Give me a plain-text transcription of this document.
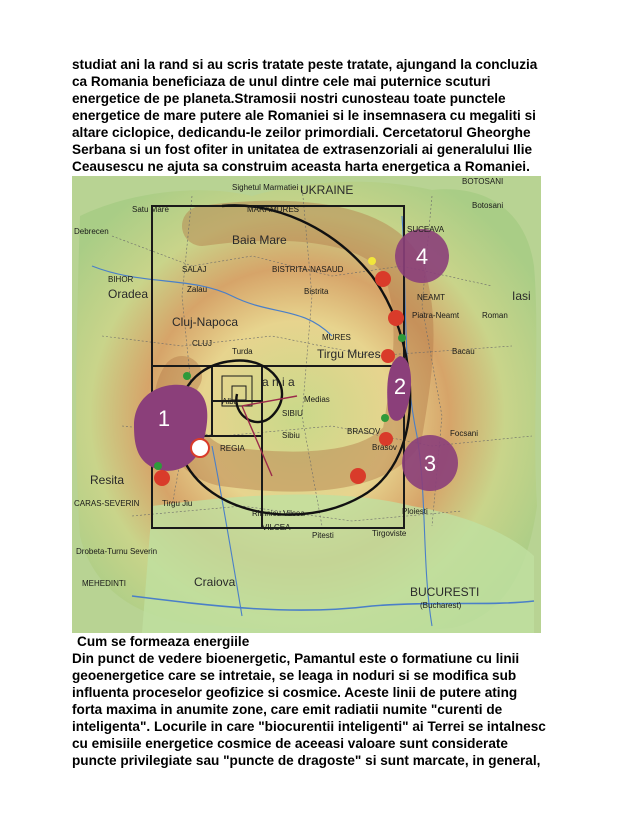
studiat ani la rand si au scris tratate peste tratate, ajungand la concluzia
ca Romania beneficiaza de unul dintre cele mai puternice scuturi
energetice de pe planeta.Stramosii nostri cunosteau toate punctele
energetice de mare putere ale Romaniei si le insemnasera cu megaliti si
altare ciclopice, dedicandu-le zeilor primordiali. Cercetatorul Gheorghe
Serbana si un fost ofiter in unitatea de extrasenzoriali ai generalului Ilie
Ceausescu ne ajuta sa construim aceasta harta energetica a Romaniei.
1
2
3
4
UKRAINE
Debrecen
Satu Mare
Sighetul Marmatiei
MARAMURES
Baia Mare
BOTOSANI
Botosani
SUCEAVA
BISTRITA-NASAUD
Bistrita
BIHOR
Oradea
SALAJ
Zalau	Iasi
NEAMT
Piatra-Neamt	Roman
Cluj-Napoca
CLUJ
Turda	Tirgu Mures
MURES
Bacau
a n i a
Medias
SIBIU
Sibiu	BRASOV
Brasov
Focsani
REGIA
Resita
CARAS-SEVERIN	Tirgu Jiu
Rimnicu Vilcea
VILCEA
Pitesti	Tirgoviste
Ploiesti
Drobeta-Turnu Severin
MEHEDINTI	Craiova
BUCURESTI
(Bucharest)
Alba

Cum se formeaza energiile

Din punct de vedere bioenergetic, Pamantul este o formatiune cu linii
geoenergetice care se intretaie, se leaga in noduri si se modifica sub
influenta proceselor geofizice si cosmice. Aceste linii de putere ating
forta maxima in anumite zone, care emit radiatii numite "curenti de
inteligenta". Locurile in care "biocurentii inteligenti" ai Terrei se intalnesc
cu emisiile energetice cosmice de aceeasi valoare sunt considerate
puncte privilegiate sau "puncte de dragoste" si sunt marcate, in general,
